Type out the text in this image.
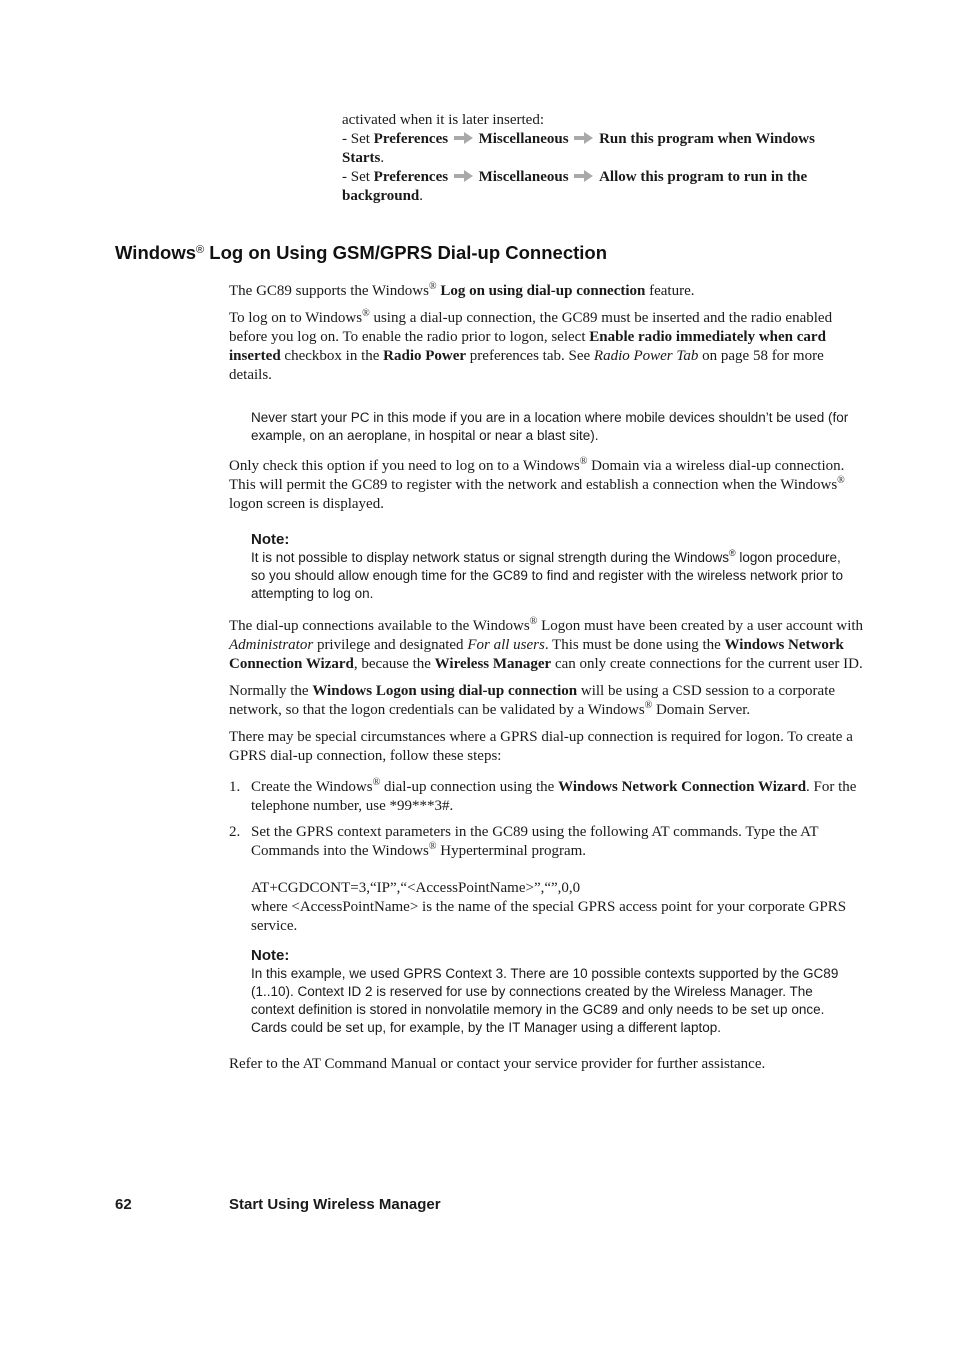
activated when it is later inserted:
- Set Preferences Miscellaneous Run this program when Windows
Starts.
- Set Preferences Miscellaneous Allow this program to run in the
background.
Windows® Log on Using GSM/GPRS Dial-up Connection
The GC89 supports the Windows® Log on using dial-up connection feature.
To log on to Windows® using a dial-up connection, the GC89 must be inserted and the radio enabled before you log on. To enable the radio prior to logon, select Enable radio immediately when card inserted checkbox in the Radio Power preferences tab. See Radio Power Tab on page 58 for more details.
Never start your PC in this mode if you are in a location where mobile devices shouldn’t be used (for example, on an aeroplane, in hospital or near a blast site).
Only check this option if you need to log on to a Windows® Domain via a wireless dial-up connection. This will permit the GC89 to register with the network and establish a connection when the Windows® logon screen is displayed.
Note:
It is not possible to display network status or signal strength during the Windows® logon procedure, so you should allow enough time for the GC89 to find and register with the wireless network prior to attempting to log on.
The dial-up connections available to the Windows® Logon must have been created by a user account with Administrator privilege and designated For all users. This must be done using the Windows Network Connection Wizard, because the Wireless Manager can only create connections for the current user ID.
Normally the Windows Logon using dial-up connection will be using a CSD session to a corporate network, so that the logon credentials can be validated by a Windows® Domain Server.
There may be special circumstances where a GPRS dial-up connection is required for logon. To create a GPRS dial-up connection, follow these steps:
1. Create the Windows® dial-up connection using the Windows Network Connection Wizard. For the telephone number, use *99***3#.
2. Set the GPRS context parameters in the GC89 using the following AT commands. Type the AT Commands into the Windows® Hyperterminal program.
AT+CGDCONT=3,“IP”,“<AccessPointName>”,“”,0,0
where <AccessPointName> is the name of the special GPRS access point for your corporate GPRS service.
Note:
In this example, we used GPRS Context 3. There are 10 possible contexts supported by the GC89 (1..10). Context ID 2 is reserved for use by connections created by the Wireless Manager. The context definition is stored in nonvolatile memory in the GC89 and only needs to be set up once. Cards could be set up, for example, by the IT Manager using a different laptop.
Refer to the AT Command Manual or contact your service provider for further assistance.
62	Start Using Wireless Manager
